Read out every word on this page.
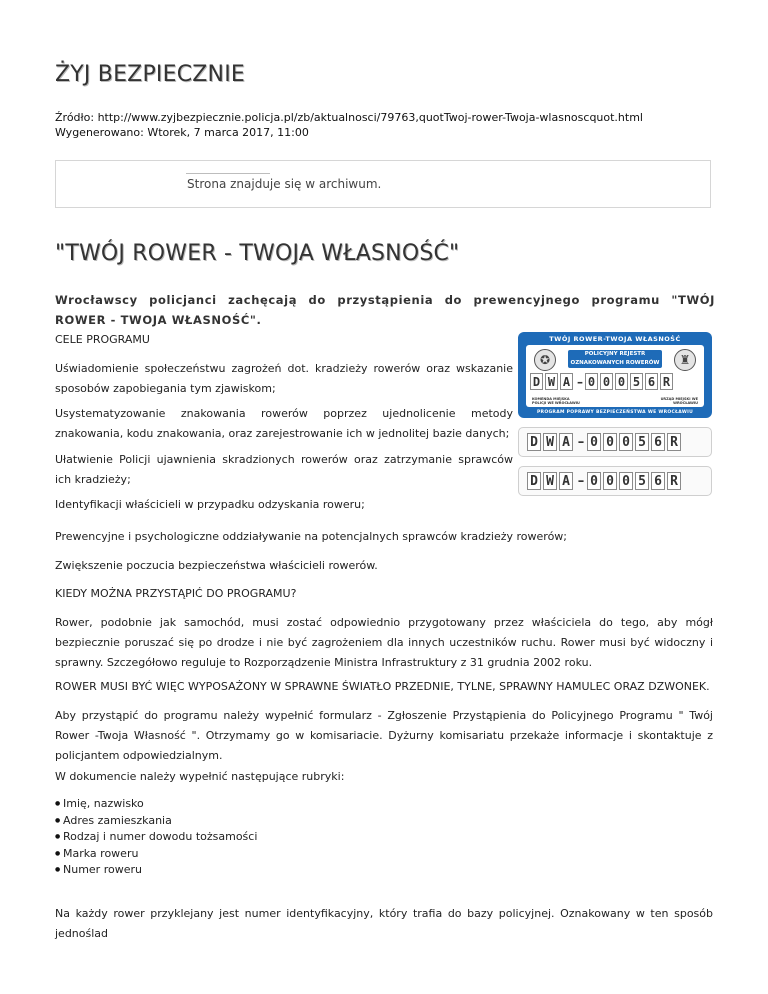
ŻYJ BEZPIECZNIE
Źródło: http://www.zyjbezpiecznie.policja.pl/zb/aktualnosci/79763,quotTwoj-rower-Twoja-wlasnoscquot.html
Wygenerowano: Wtorek, 7 marca 2017, 11:00
Strona znajduje się w archiwum.
"TWÓJ ROWER - TWOJA WŁASNOŚĆ"

Wrocławscy policjanci zachęcają do przystąpienia do prewencyjnego programu "TWÓJ ROWER - TWOJA WŁASNOŚĆ".

CELE PROGRAMU

Uświadomienie społeczeństwu zagrożeń dot. kradzieży rowerów oraz wskazanie sposobów zapobiegania tym zjawiskom;

Usystematyzowanie znakowania rowerów poprzez ujednolicenie metody znakowania, kodu znakowania, oraz zarejestrowanie ich w jednolitej bazie danych;

Ułatwienie Policji ujawnienia skradzionych rowerów oraz zatrzymanie sprawców ich kradzieży;

Identyfikacji właścicieli w przypadku odzyskania roweru;

Prewencyjne i psychologiczne oddziaływanie na potencjalnych sprawców kradzieży rowerów;

Zwiększenie poczucia bezpieczeństwa właścicieli rowerów.

KIEDY MOŻNA PRZYSTĄPIĆ DO PROGRAMU?

Rower, podobnie jak samochód, musi zostać odpowiednio przygotowany przez właściciela do tego, aby mógł bezpiecznie poruszać się po drodze i nie być zagrożeniem dla innych uczestników ruchu. Rower musi być widoczny i sprawny. Szczegółowo reguluje to Rozporządzenie Ministra Infrastruktury z 31 grudnia 2002 roku.

ROWER MUSI BYĆ WIĘC WYPOSAŻONY W SPRAWNE ŚWIATŁO PRZEDNIE, TYLNE, SPRAWNY HAMULEC ORAZ DZWONEK.

Aby przystąpić do programu należy wypełnić formularz - Zgłoszenie Przystąpienia do Policyjnego Programu " Twój Rower -Twoja Własność ". Otrzymamy go w komisariacie. Dyżurny komisariatu przekaże informacje i skontaktuje z policjantem odpowiedzialnym.

W dokumencie należy wypełnić następujące rubryki:

● Imię, nazwisko
● Adres zamieszkania
● Rodzaj i numer dowodu tożsamości
● Marka roweru
● Numer roweru

Na każdy rower przyklejany jest numer identyfikacyjny, który trafia do bazy policyjnej. Oznakowany w ten sposób jednoślad

TWÓJ ROWER-TWOJA WŁASNOŚĆ
✪	POLICYJNY REJESTR
OZNAKOWANYCH ROWERÓW	♜
D W A – 0 0 0 5 6 R
KOMENDA MIEJSKA POLICJI WE WROCŁAWIU
URZĄD MIEJSKI WE WROCŁAWIU
PROGRAM POPRAWY BEZPIECZEŃSTWA WE WROCŁAWIU
D W A – 0 0 0 5 6 R
D W A – 0 0 0 5 6 R
